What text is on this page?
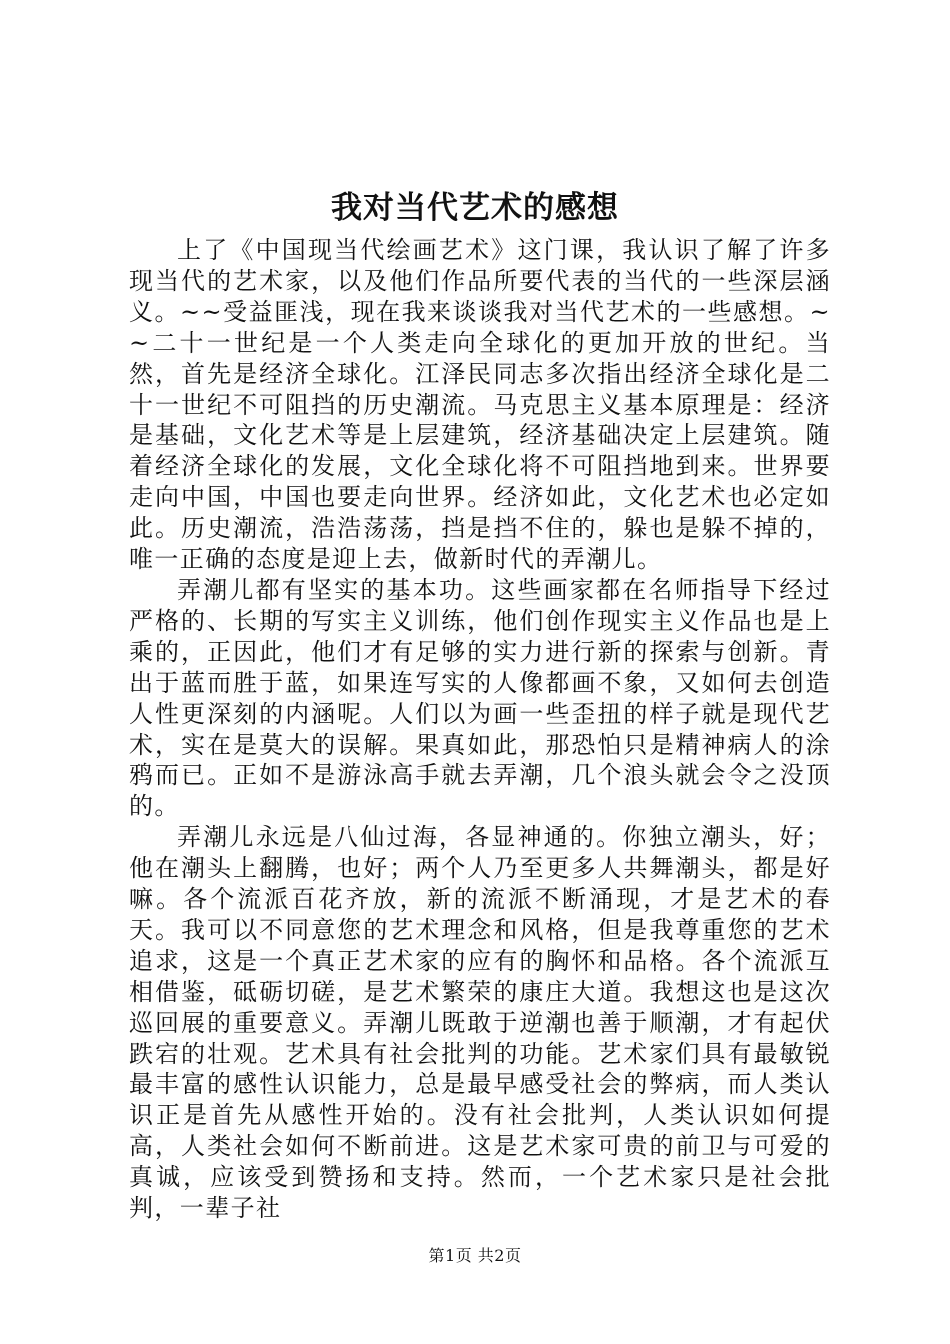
我对当代艺术的感想

上了《中国现当代绘画艺术》这门课，我认识了解了许多现当代的艺术家，以及他们作品所要代表的当代的一些深层涵义。~~受益匪浅，现在我来谈谈我对当代艺术的一些感想。~~二十一世纪是一个人类走向全球化的更加开放的世纪。当然，首先是经济全球化。江泽民同志多次指出经济全球化是二十一世纪不可阻挡的历史潮流。马克思主义基本原理是：经济是基础，文化艺术等是上层建筑，经济基础决定上层建筑。随着经济全球化的发展，文化全球化将不可阻挡地到来。世界要走向中国，中国也要走向世界。经济如此，文化艺术也必定如此。历史潮流，浩浩荡荡，挡是挡不住的，躲也是躲不掉的，唯一正确的态度是迎上去，做新时代的弄潮儿。

弄潮儿都有坚实的基本功。这些画家都在名师指导下经过严格的、长期的写实主义训练，他们创作现实主义作品也是上乘的，正因此，他们才有足够的实力进行新的探索与创新。青出于蓝而胜于蓝，如果连写实的人像都画不象，又如何去创造人性更深刻的内涵呢。人们以为画一些歪扭的样子就是现代艺术，实在是莫大的误解。果真如此，那恐怕只是精神病人的涂鸦而已。正如不是游泳高手就去弄潮，几个浪头就会令之没顶的。

弄潮儿永远是八仙过海，各显神通的。你独立潮头，好；他在潮头上翻腾，也好；两个人乃至更多人共舞潮头，都是好嘛。各个流派百花齐放，新的流派不断涌现，才是艺术的春天。我可以不同意您的艺术理念和风格，但是我尊重您的艺术追求，这是一个真正艺术家的应有的胸怀和品格。各个流派互相借鉴，砥砺切磋，是艺术繁荣的康庄大道。我想这也是这次巡回展的重要意义。弄潮儿既敢于逆潮也善于顺潮，才有起伏跌宕的壮观。艺术具有社会批判的功能。艺术家们具有最敏锐最丰富的感性认识能力，总是最早感受社会的弊病，而人类认识正是首先从感性开始的。没有社会批判，人类认识如何提高，人类社会如何不断前进。这是艺术家可贵的前卫与可爱的真诚，应该受到赞扬和支持。然而，一个艺术家只是社会批判，一辈子社

第1页 共2页
